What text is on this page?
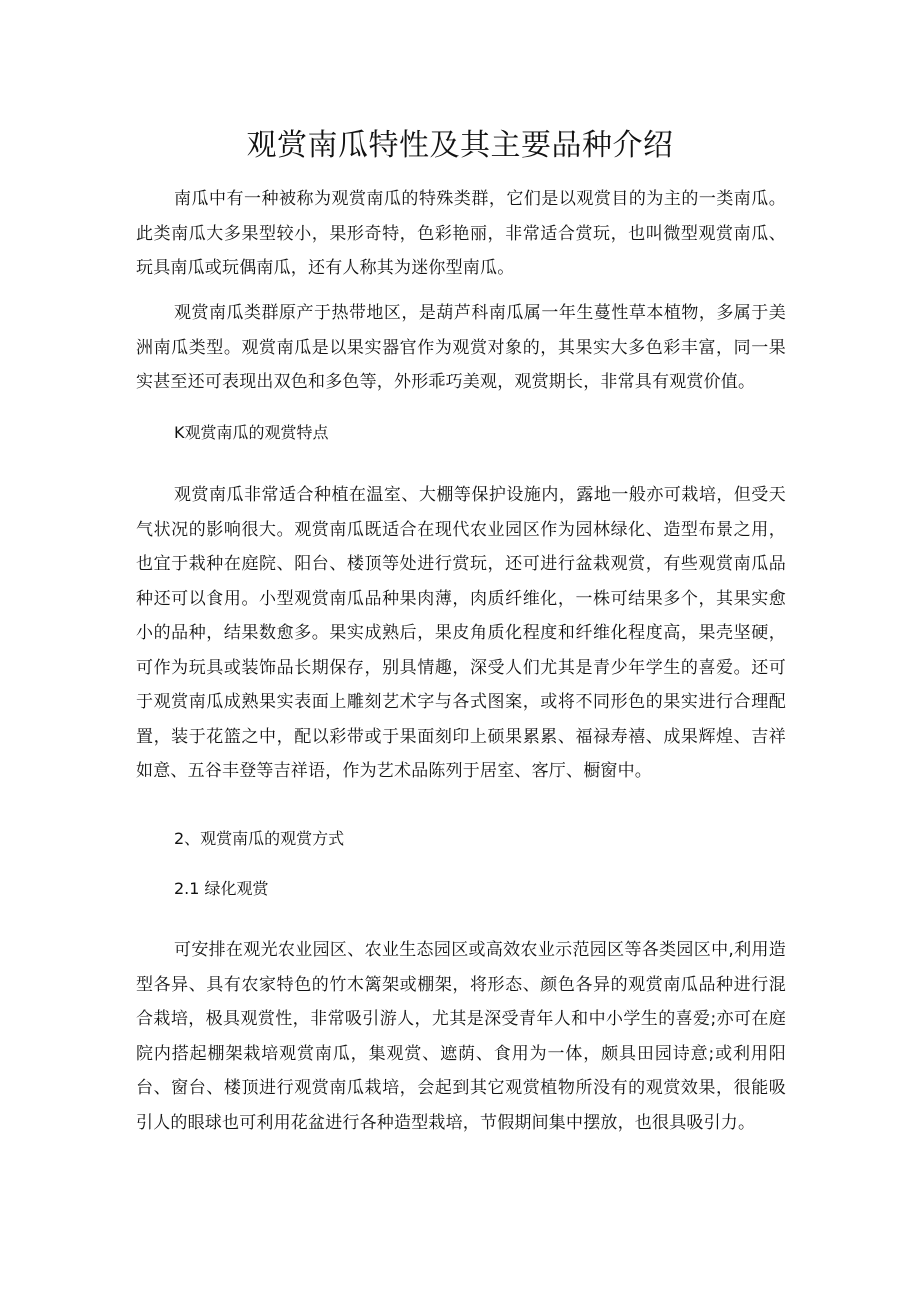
观赏南瓜特性及其主要品种介绍

南瓜中有一种被称为观赏南瓜的特殊类群，它们是以观赏目的为主的一类南瓜。此类南瓜大多果型较小，果形奇特，色彩艳丽，非常适合赏玩，也叫微型观赏南瓜、玩具南瓜或玩偶南瓜，还有人称其为迷你型南瓜。

观赏南瓜类群原产于热带地区，是葫芦科南瓜属一年生蔓性草本植物，多属于美洲南瓜类型。观赏南瓜是以果实器官作为观赏对象的，其果实大多色彩丰富，同一果实甚至还可表现出双色和多色等，外形乖巧美观，观赏期长，非常具有观赏价值。

K观赏南瓜的观赏特点

观赏南瓜非常适合种植在温室、大棚等保护设施内，露地一般亦可栽培，但受天气状况的影响很大。观赏南瓜既适合在现代农业园区作为园林绿化、造型布景之用，也宜于栽种在庭院、阳台、楼顶等处进行赏玩，还可进行盆栽观赏，有些观赏南瓜品种还可以食用。小型观赏南瓜品种果肉薄，肉质纤维化，一株可结果多个，其果实愈小的品种，结果数愈多。果实成熟后，果皮角质化程度和纤维化程度高，果壳坚硬，可作为玩具或装饰品长期保存，别具情趣，深受人们尤其是青少年学生的喜爱。还可于观赏南瓜成熟果实表面上雕刻艺术字与各式图案，或将不同形色的果实进行合理配置，装于花篮之中，配以彩带或于果面刻印上硕果累累、福禄寿禧、成果辉煌、吉祥如意、五谷丰登等吉祥语，作为艺术品陈列于居室、客厅、橱窗中。

2、观赏南瓜的观赏方式
2.1 绿化观赏

可安排在观光农业园区、农业生态园区或高效农业示范园区等各类园区中,利用造型各异、具有农家特色的竹木篱架或棚架，将形态、颜色各异的观赏南瓜品种进行混合栽培，极具观赏性，非常吸引游人，尤其是深受青年人和中小学生的喜爱;亦可在庭院内搭起棚架栽培观赏南瓜，集观赏、遮荫、食用为一体，颇具田园诗意;或利用阳台、窗台、楼顶进行观赏南瓜栽培，会起到其它观赏植物所没有的观赏效果，很能吸引人的眼球也可利用花盆进行各种造型栽培，节假期间集中摆放，也很具吸引力。
